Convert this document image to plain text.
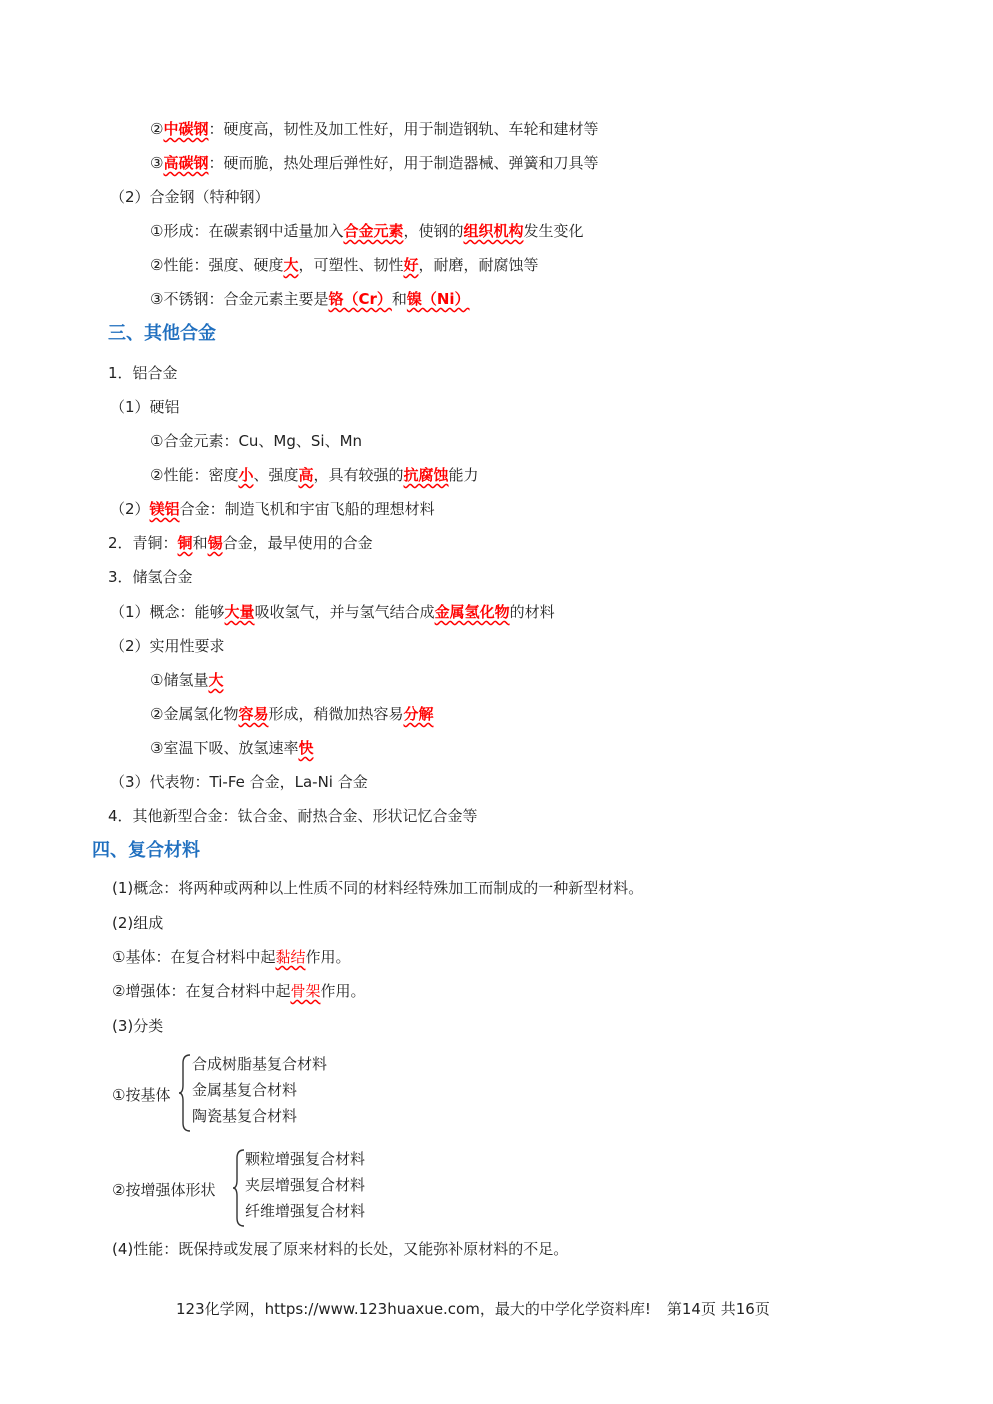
②中碳钢：硬度高，韧性及加工性好，用于制造钢轨、车轮和建材等
③高碳钢：硬而脆，热处理后弹性好，用于制造器械、弹簧和刀具等
（2）合金钢（特种钢）
①形成：在碳素钢中适量加入合金元素，使钢的组织机构发生变化
②性能：强度、硬度大，可塑性、韧性好，耐磨，耐腐蚀等
③不锈钢：合金元素主要是铬（Cr）和镍（Ni）
三、其他合金
1．铝合金
（1）硬铝
①合金元素：Cu、Mg、Si、Mn
②性能：密度小、强度高，具有较强的抗腐蚀能力
（2）镁铝合金：制造飞机和宇宙飞船的理想材料
2．青铜：铜和锡合金，最早使用的合金
3．储氢合金
（1）概念：能够大量吸收氢气，并与氢气结合成金属氢化物的材料
（2）实用性要求
①储氢量大
②金属氢化物容易形成，稍微加热容易分解
③室温下吸、放氢速率快
（3）代表物：Ti-Fe 合金，La-Ni 合金
4．其他新型合金：钛合金、耐热合金、形状记忆合金等
四、复合材料
(1)概念：将两种或两种以上性质不同的材料经特殊加工而制成的一种新型材料。
(2)组成
①基体：在复合材料中起黏结作用。
②增强体：在复合材料中起骨架作用。
(3)分类
①按基体
合成树脂基复合材料
金属基复合材料
陶瓷基复合材料
②按增强体形状
颗粒增强复合材料
夹层增强复合材料
纤维增强复合材料
(4)性能：既保持或发展了原来材料的长处，又能弥补原材料的不足。
123化学网，https://www.123huaxue.com，最大的中学化学资料库! 第14页 共16页
